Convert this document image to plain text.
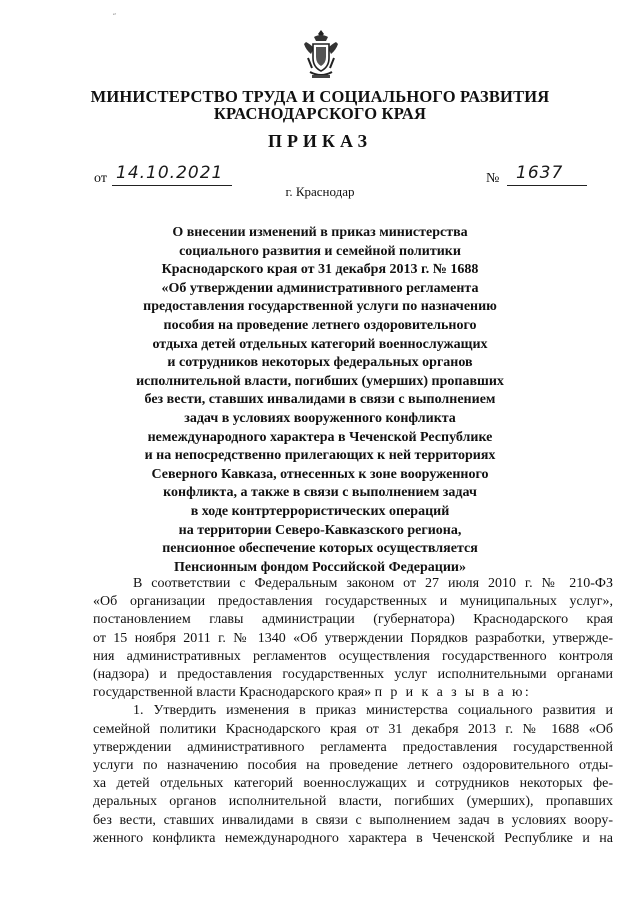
˝
МИНИСТЕРСТВО ТРУДА И СОЦИАЛЬНОГО РАЗВИТИЯ
КРАСНОДАРСКОГО КРАЯ
ПРИКАЗ
от 14.10.2021	№ 1637
г. Краснодар
О внесении изменений в приказ министерства
социального развития и семейной политики
Краснодарского края от 31 декабря 2013 г. № 1688
«Об утверждении административного регламента
предоставления государственной услуги по назначению
пособия на проведение летнего оздоровительного
отдыха детей отдельных категорий военнослужащих
и сотрудников некоторых федеральных органов
исполнительной власти, погибших (умерших) пропавших
без вести, ставших инвалидами в связи с выполнением
задач в условиях вооруженного конфликта
немеждународного характера в Чеченской Республике
и на непосредственно прилегающих к ней территориях
Северного Кавказа, отнесенных к зоне вооруженного
конфликта, а также в связи с выполнением задач
в ходе контртеррористических операций
на территории Северо-Кавказского региона,
пенсионное обеспечение которых осуществляется
Пенсионным фондом Российской Федерации»
В соответствии с Федеральным законом от 27 июля 2010 г. № 210-ФЗ
«Об организации предоставления государственных и муниципальных услуг»,
постановлением главы администрации (губернатора) Краснодарского края
от 15 ноября 2011 г. № 1340 «Об утверждении Порядков разработки, утвержде-
ния административных регламентов осуществления государственного контроля
(надзора) и предоставления государственных услуг исполнительными органами
государственной власти Краснодарского края» п р и к а з ы в а ю:
1. Утвердить изменения в приказ министерства социального развития и
семейной политики Краснодарского края от 31 декабря 2013 г. № 1688 «Об
утверждении административного регламента предоставления государственной
услуги по назначению пособия на проведение летнего оздоровительного отды-
ха детей отдельных категорий военнослужащих и сотрудников некоторых фе-
деральных органов исполнительной власти, погибших (умерших), пропавших
без вести, ставших инвалидами в связи с выполнением задач в условиях воору-
женного конфликта немеждународного характера в Чеченской Республике и на
